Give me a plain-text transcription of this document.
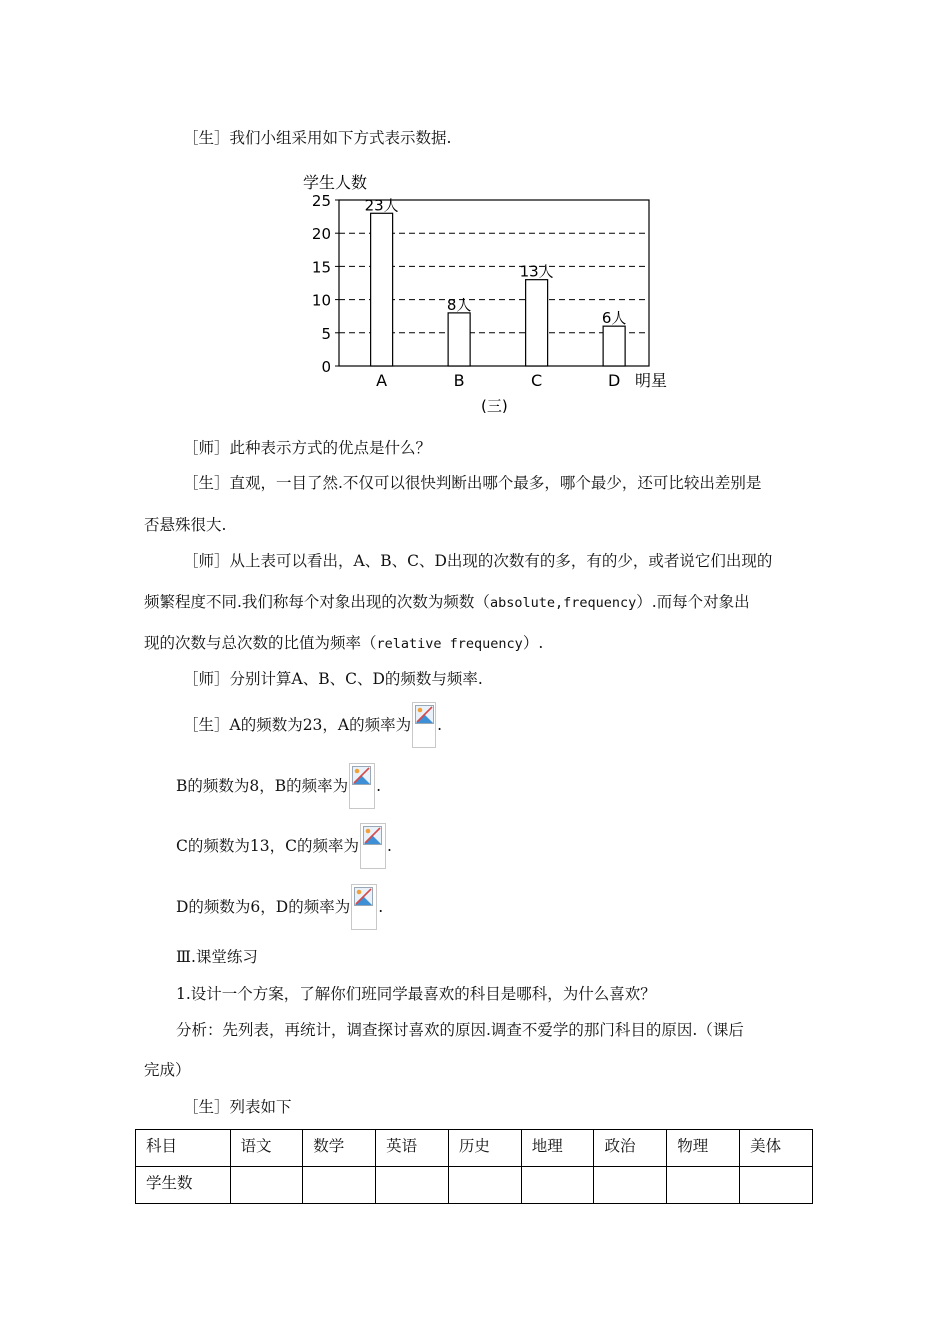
［生］我们小组采用如下方式表示数据.
学生人数
明星
(三)
0
5
10
15
20
25 23人
A
8人
B
13人
C
6人
D
［师］此种表示方式的优点是什么？
［生］直观，一目了然.不仅可以很快判断出哪个最多，哪个最少，还可比较出差别是
否悬殊很大.
［师］从上表可以看出，A、B、C、D出现的次数有的多，有的少，或者说它们出现的
频繁程度不同.我们称每个对象出现的次数为频数（absolute,frequency）.而每个对象出
现的次数与总次数的比值为频率（relative frequency）.
［师］分别计算A、B、C、D的频数与频率.
［生］A的频数为23，A的频率为 .
B的频数为8，B的频率为 .
C的频数为13，C的频率为 .
D的频数为6，D的频率为 .
Ⅲ.课堂练习
1.设计一个方案，了解你们班同学最喜欢的科目是哪科，为什么喜欢？
分析：先列表，再统计，调查探讨喜欢的原因.调查不爱学的那门科目的原因.（课后
完成）
［生］列表如下
科目	语文	数学	英语	历史	地理	政治	物理	美体
学生数								
